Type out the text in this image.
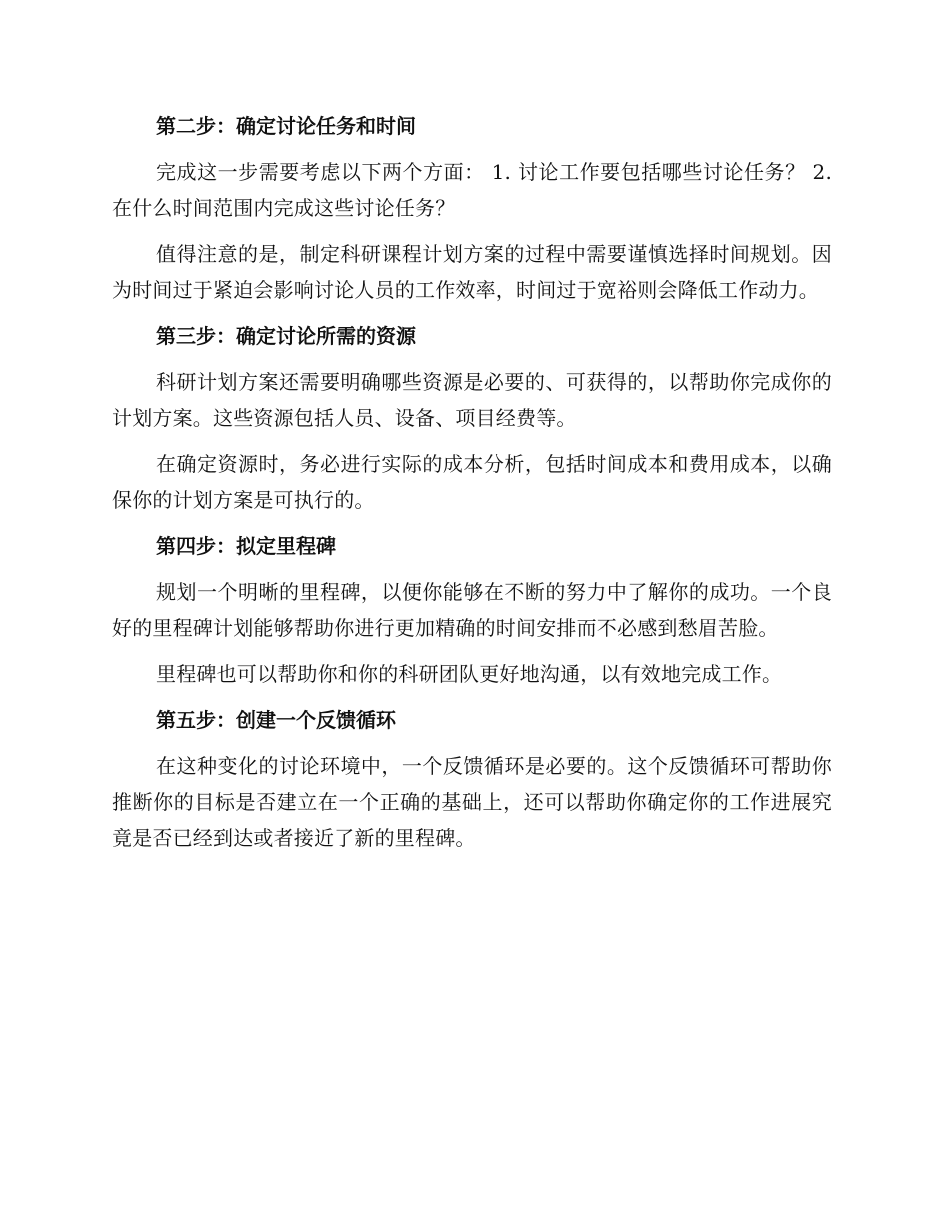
第二步：确定讨论任务和时间

完成这一步需要考虑以下两个方面： 1. 讨论工作要包括哪些讨论任务？ 2. 在什么时间范围内完成这些讨论任务？

值得注意的是，制定科研课程计划方案的过程中需要谨慎选择时间规划。因为时间过于紧迫会影响讨论人员的工作效率，时间过于宽裕则会降低工作动力。

第三步：确定讨论所需的资源

科研计划方案还需要明确哪些资源是必要的、可获得的，以帮助你完成你的计划方案。这些资源包括人员、设备、项目经费等。

在确定资源时，务必进行实际的成本分析，包括时间成本和费用成本，以确保你的计划方案是可执行的。

第四步：拟定里程碑

规划一个明晰的里程碑，以便你能够在不断的努力中了解你的成功。一个良好的里程碑计划能够帮助你进行更加精确的时间安排而不必感到愁眉苦脸。

里程碑也可以帮助你和你的科研团队更好地沟通，以有效地完成工作。

第五步：创建一个反馈循环

在这种变化的讨论环境中，一个反馈循环是必要的。这个反馈循环可帮助你推断你的目标是否建立在一个正确的基础上，还可以帮助你确定你的工作进展究竟是否已经到达或者接近了新的里程碑。
